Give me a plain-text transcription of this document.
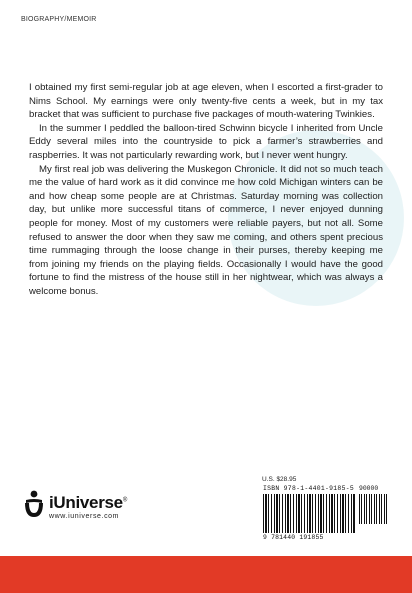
BIOGRAPHY/MEMOIR

I obtained my first semi-regular job at age eleven, when I escorted a first-grader to Nims School. My earnings were only twenty-five cents a week, but in my tax bracket that was sufficient to purchase five packages of mouth-watering Twinkies.

In the summer I peddled the balloon-tired Schwinn bicycle I inherited from Uncle Eddy several miles into the countryside to pick a farmer’s strawberries and raspberries. It was not particularly rewarding work, but I never went hungry.

My first real job was delivering the Muskegon Chronicle. It did not so much teach me the value of hard work as it did convince me how cold Michigan winters can be and how cheap some people are at Christmas. Saturday morning was collection day, but unlike more successful titans of commerce, I never enjoyed dunning people for money. Most of my customers were reliable payers, but not all. Some refused to answer the door when they saw me coming, and others spent precious time rummaging through the loose change in their purses, thereby keeping me from joining my friends on the playing fields. Occasionally I would have the good fortune to find the mistress of the house still in her nightwear, which was always a welcome bonus.

iUniverse®
www.iuniverse.com
U.S. $28.95
ISBN 978-1-4401-9185-5 90000
9 781440 191855
